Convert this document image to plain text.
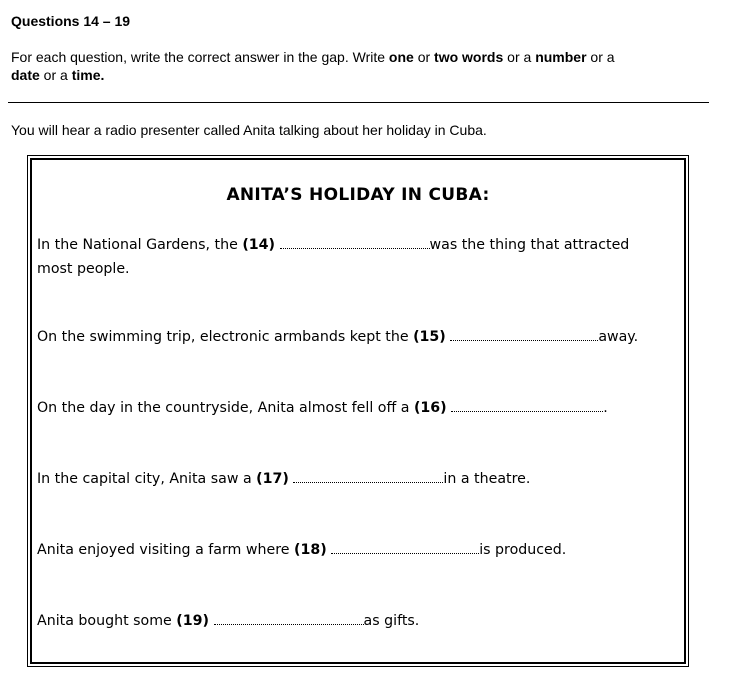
Questions 14 – 19
For each question, write the correct answer in the gap. Write one or two words or a number or a
date or a time.
You will hear a radio presenter called Anita talking about her holiday in Cuba.
ANITA’S HOLIDAY IN CUBA:
In the National Gardens, the (14)	was the thing that attracted
most people.
On the swimming trip, electronic armbands kept the (15)	away.
On the day in the countryside, Anita almost fell off a (16)	.
In the capital city, Anita saw a (17)	in a theatre.
Anita enjoyed visiting a farm where (18)	is produced.
Anita bought some (19)	as gifts.
